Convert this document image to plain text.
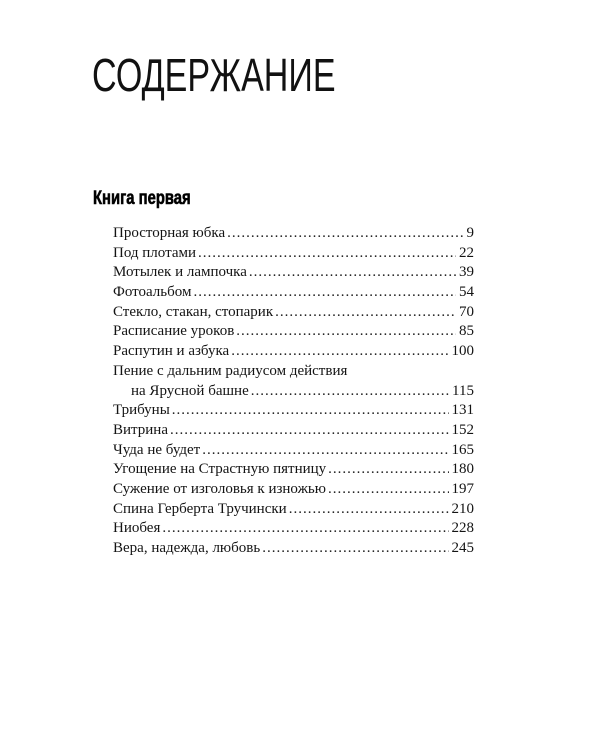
СОДЕРЖАНИЕ
Книга первая
Просторная юбка .....	9
Под плотами .....	22
Мотылек и лампочка .....	39
Фотоальбом .....	54
Стекло, стакан, стопарик .....	70
Расписание уроков .....	85
Распутин и азбука .....	100
Пение с дальним радиусом действия
на Ярусной башне .....	115
Трибуны .....	131
Витрина .....	152
Чуда не будет .....	165
Угощение на Страстную пятницу .....	180
Сужение от изголовья к изножью .....	197
Спина Герберта Тручински .....	210
Ниобея .....	228
Вера, надежда, любовь .....	245
